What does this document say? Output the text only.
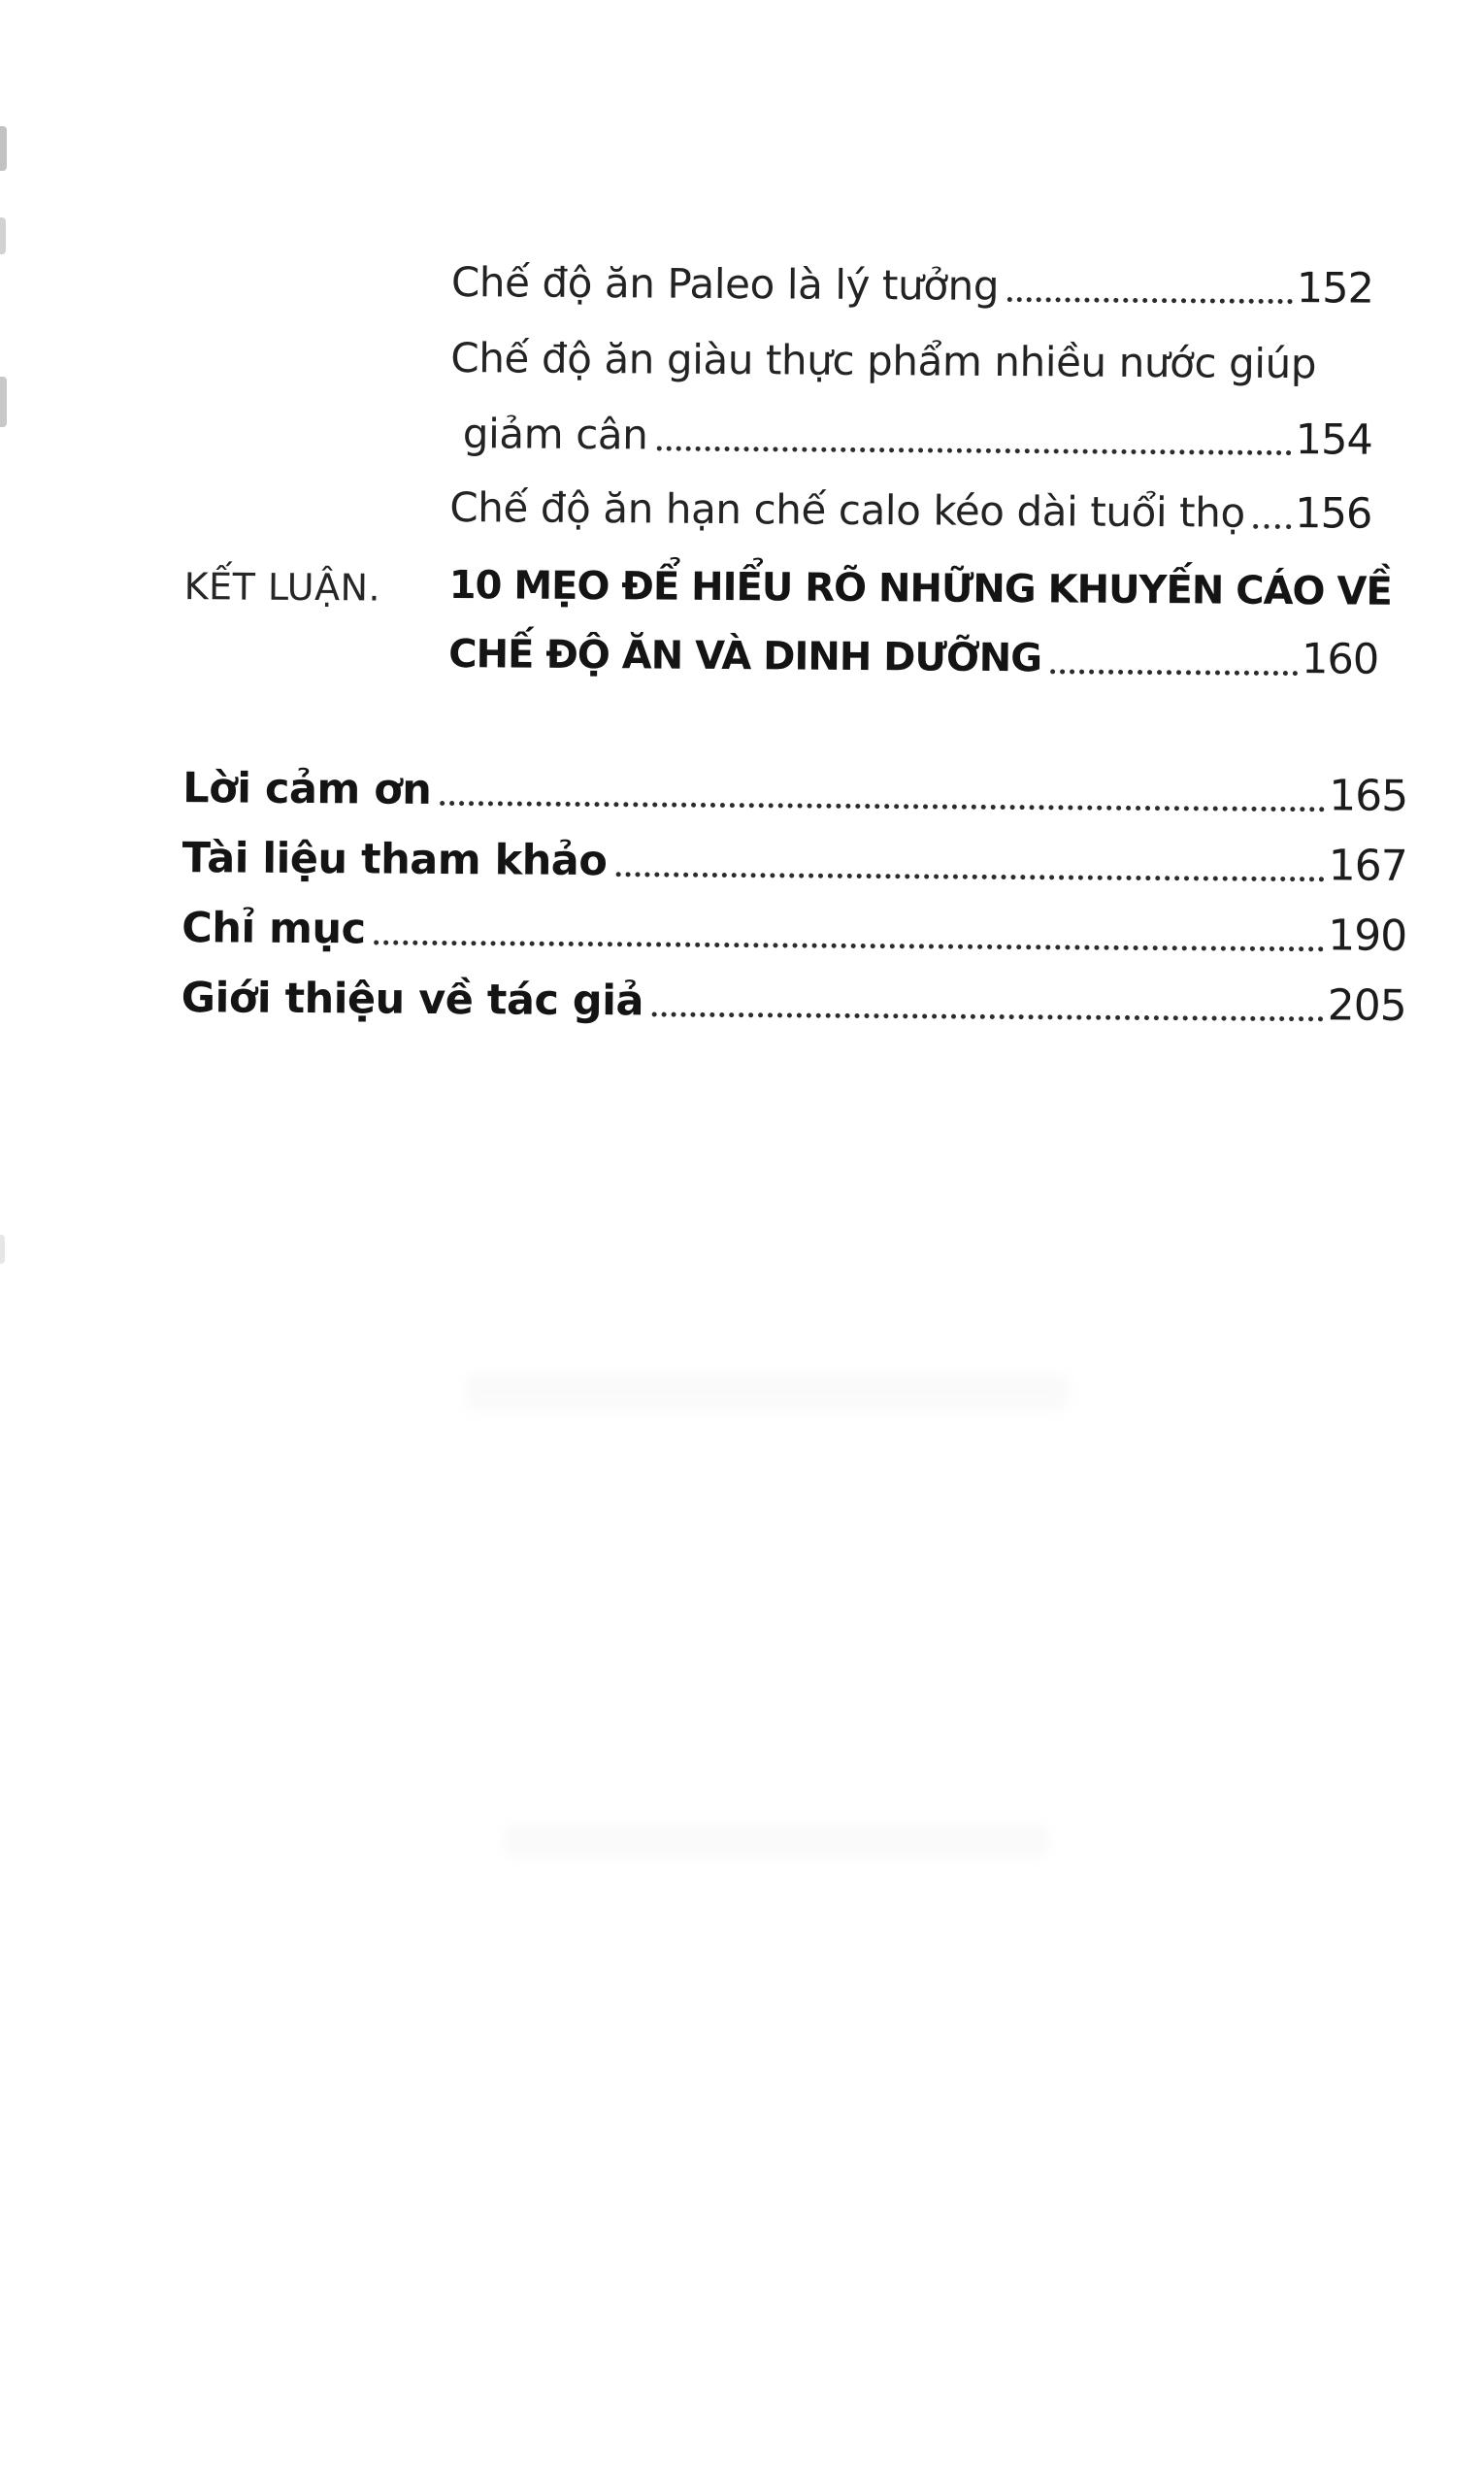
Chế độ ăn Paleo là lý tưởng	152
Chế độ ăn giàu thực phẩm nhiều nước giúp
giảm cân	154
Chế độ ăn hạn chế calo kéo dài tuổi thọ 156
KẾT LUẬN. 10 MẸO ĐỂ HIỂU RÕ NHỮNG KHUYẾN CÁO VỀ
CHẾ ĐỘ ĂN VÀ DINH DƯỠNG	160
Lời cảm ơn	165
Tài liệu tham khảo	167
Chỉ mục	190
Giới thiệu về tác giả	205
